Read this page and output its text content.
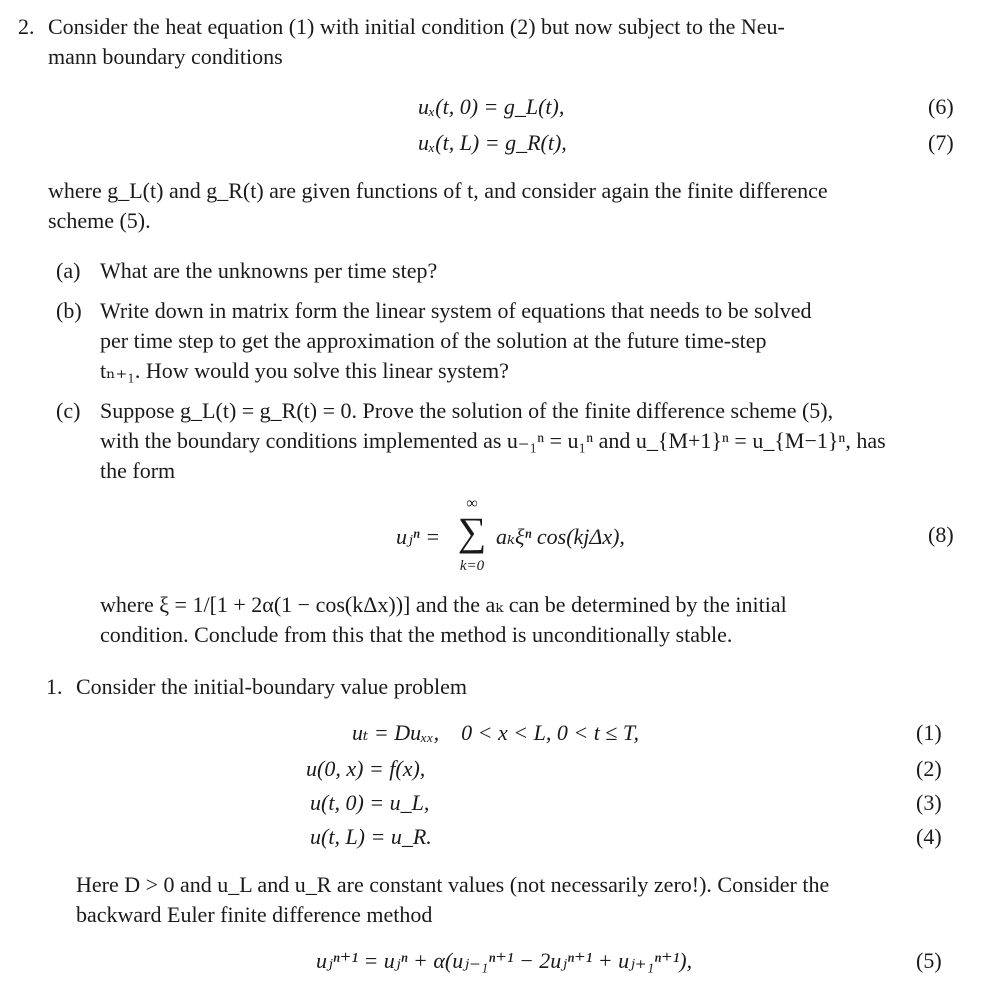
2. Consider the heat equation (1) with initial condition (2) but now subject to the Neu-
mann boundary conditions
uₓ(t, 0) = g_L(t),	(6)
uₓ(t, L) = g_R(t),	(7)
where g_L(t) and g_R(t) are given functions of t, and consider again the finite difference
scheme (5).
(a) What are the unknowns per time step?
(b) Write down in matrix form the linear system of equations that needs to be solved
per time step to get the approximation of the solution at the future time-step
tₙ₊₁. How would you solve this linear system?
(c) Suppose g_L(t) = g_R(t) = 0. Prove the solution of the finite difference scheme (5),
with the boundary conditions implemented as u₋₁ⁿ = u₁ⁿ and u_{M+1}ⁿ = u_{M−1}ⁿ, has
the form
uⱼⁿ =
∞
∑
k=0
aₖξⁿ cos(kjΔx),	(8)
where ξ = 1/[1 + 2α(1 − cos(kΔx))] and the aₖ can be determined by the initial
condition. Conclude from this that the method is unconditionally stable.
1. Consider the initial-boundary value problem
uₜ = Duₓₓ,    0 < x < L, 0 < t ≤ T,	(1)
u(0, x) = f(x),	(2)
u(t, 0) = u_L,	(3)
u(t, L) = u_R.	(4)
Here D > 0 and u_L and u_R are constant values (not necessarily zero!). Consider the
backward Euler finite difference method
uⱼⁿ⁺¹ = uⱼⁿ + α(uⱼ₋₁ⁿ⁺¹ − 2uⱼⁿ⁺¹ + uⱼ₊₁ⁿ⁺¹),	(5)
